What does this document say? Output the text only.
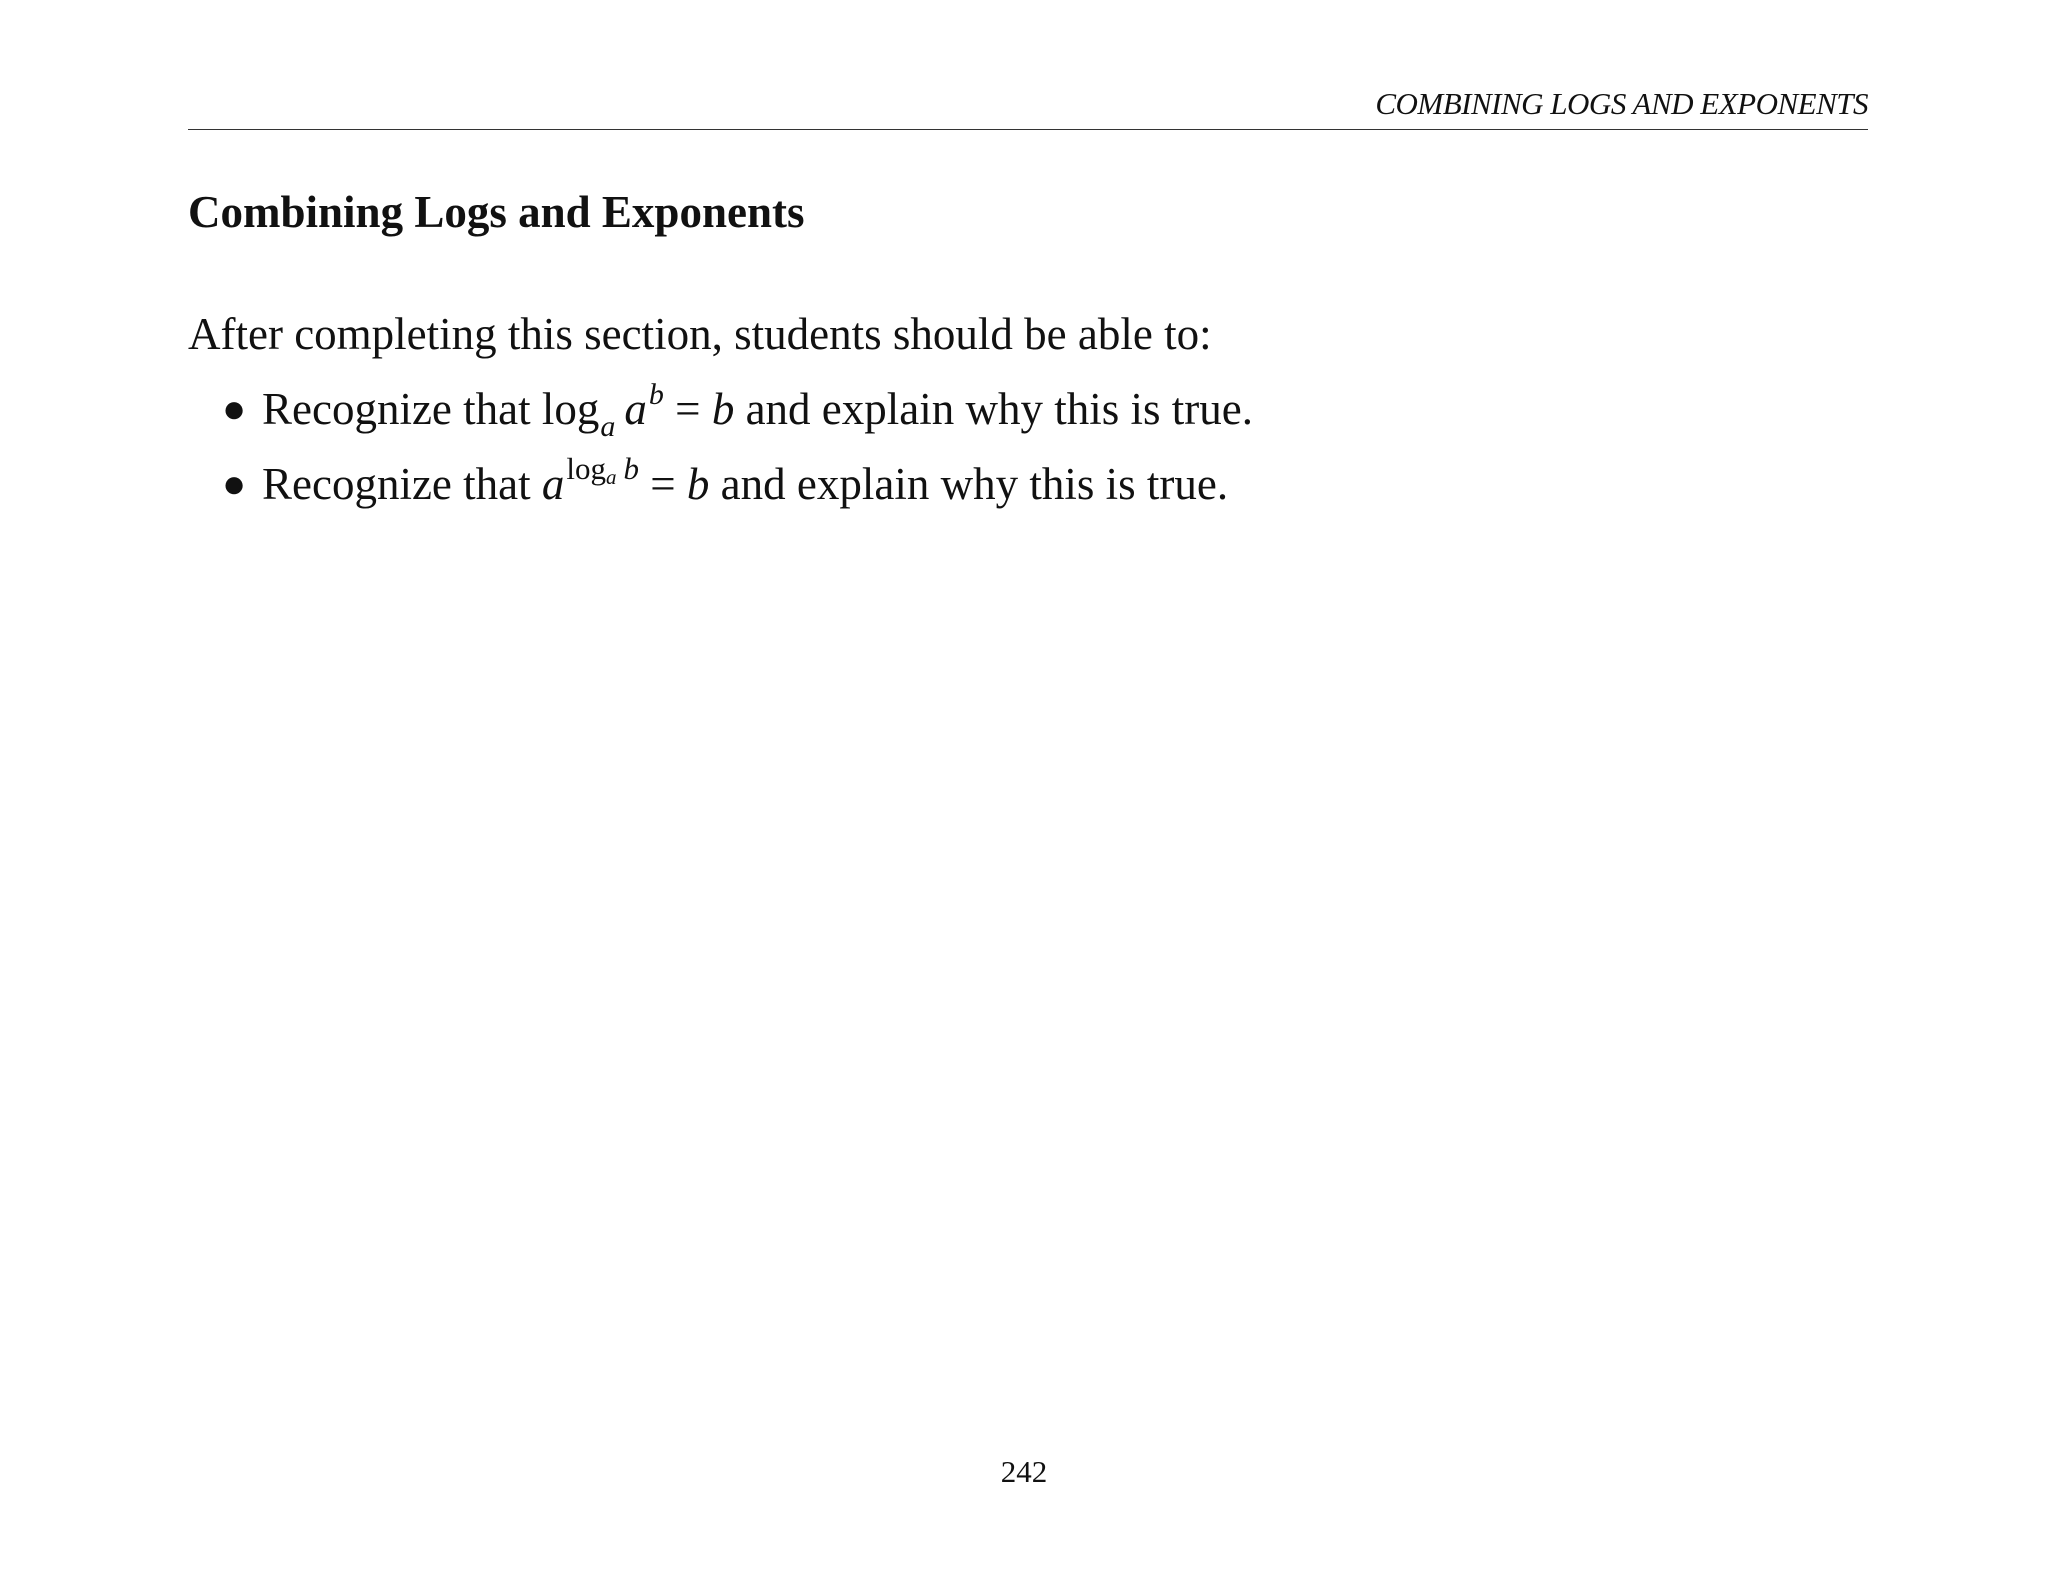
COMBINING LOGS AND EXPONENTS
Combining Logs and Exponents

After completing this section, students should be able to:

● Recognize that $\log_a a^b = b$ and explain why this is true.
● Recognize that $a^{loga b} = b$ and explain why this is true.
242
